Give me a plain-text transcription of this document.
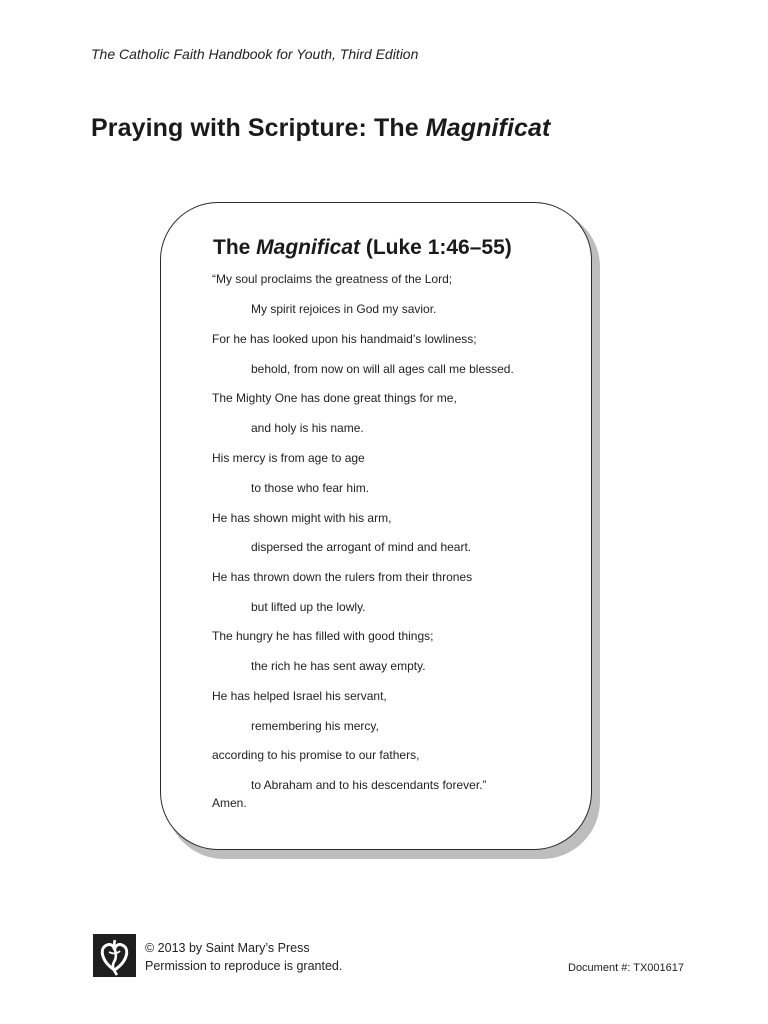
The Catholic Faith Handbook for Youth, Third Edition
Praying with Scripture: The Magnificat
The Magnificat (Luke 1:46–55)
“My soul proclaims the greatness of the Lord;
My spirit rejoices in God my savior.
For he has looked upon his handmaid’s lowliness;
behold, from now on will all ages call me blessed.
The Mighty One has done great things for me,
and holy is his name.
His mercy is from age to age
to those who fear him.
He has shown might with his arm,
dispersed the arrogant of mind and heart.
He has thrown down the rulers from their thrones
but lifted up the lowly.
The hungry he has filled with good things;
the rich he has sent away empty.
He has helped Israel his servant,
remembering his mercy,
according to his promise to our fathers,
to Abraham and to his descendants forever.”
Amen.
© 2013 by Saint Mary’s Press
Permission to reproduce is granted.	Document #: TX001617
